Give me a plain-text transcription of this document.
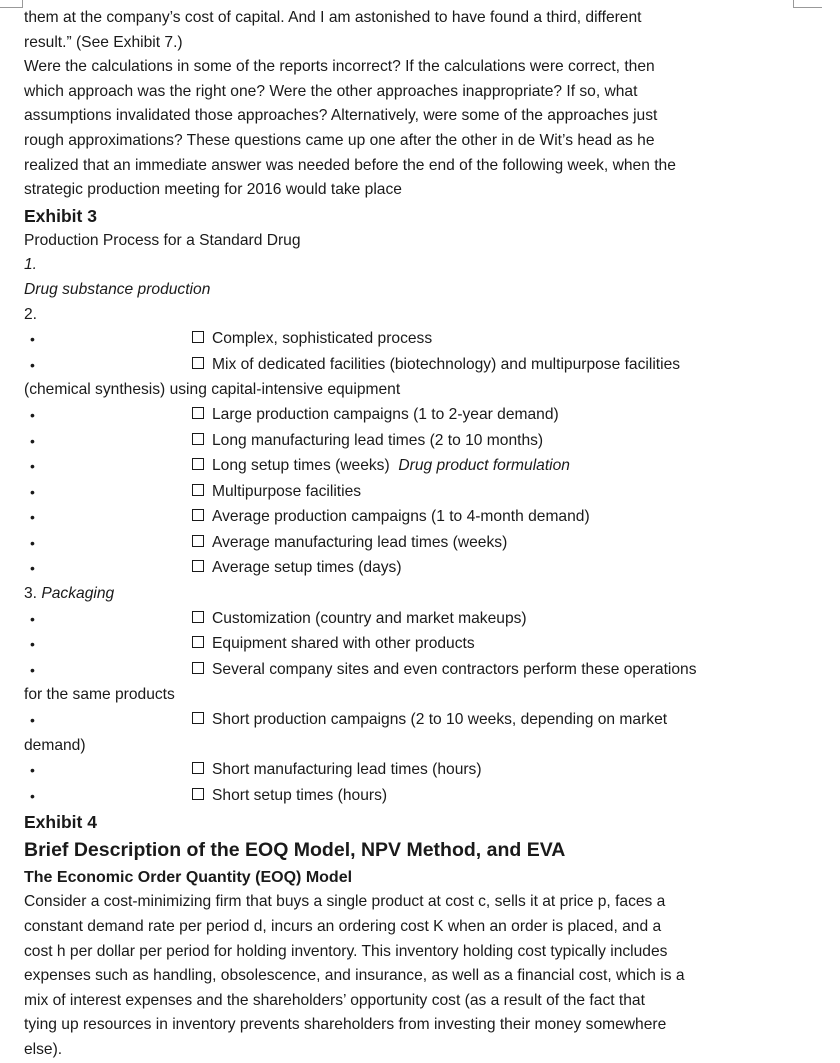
them at the company’s cost of capital. And I am astonished to have found a third, different
result.” (See Exhibit 7.)
Were the calculations in some of the reports incorrect? If the calculations were correct, then
which approach was the right one? Were the other approaches inappropriate? If so, what
assumptions invalidated those approaches? Alternatively, were some of the approaches just
rough approximations? These questions came up one after the other in de Wit’s head as he
realized that an immediate answer was needed before the end of the following week, when the
strategic production meeting for 2016 would take place
Exhibit 3
Production Process for a Standard Drug
1.
Drug substance production
2.
•
Complex, sophisticated process
•
Mix of dedicated facilities (biotechnology) and multipurpose facilities
(chemical synthesis) using capital-intensive equipment
•
Large production campaigns (1 to 2-year demand)
•
Long manufacturing lead times (2 to 10 months)
•
Long setup times (weeks) Drug product formulation
•
Multipurpose facilities
•
Average production campaigns (1 to 4-month demand)
•
Average manufacturing lead times (weeks)
•
Average setup times (days)
3. Packaging
•
Customization (country and market makeups)
•
Equipment shared with other products
•
Several company sites and even contractors perform these operations
for the same products
•
Short production campaigns (2 to 10 weeks, depending on market
demand)
•
Short manufacturing lead times (hours)
•
Short setup times (hours)
Exhibit 4
Brief Description of the EOQ Model, NPV Method, and EVA
The Economic Order Quantity (EOQ) Model
Consider a cost-minimizing firm that buys a single product at cost c, sells it at price p, faces a
constant demand rate per period d, incurs an ordering cost K when an order is placed, and a
cost h per dollar per period for holding inventory. This inventory holding cost typically includes
expenses such as handling, obsolescence, and insurance, as well as a financial cost, which is a
mix of interest expenses and the shareholders’ opportunity cost (as a result of the fact that
tying up resources in inventory prevents shareholders from investing their money somewhere
else).
